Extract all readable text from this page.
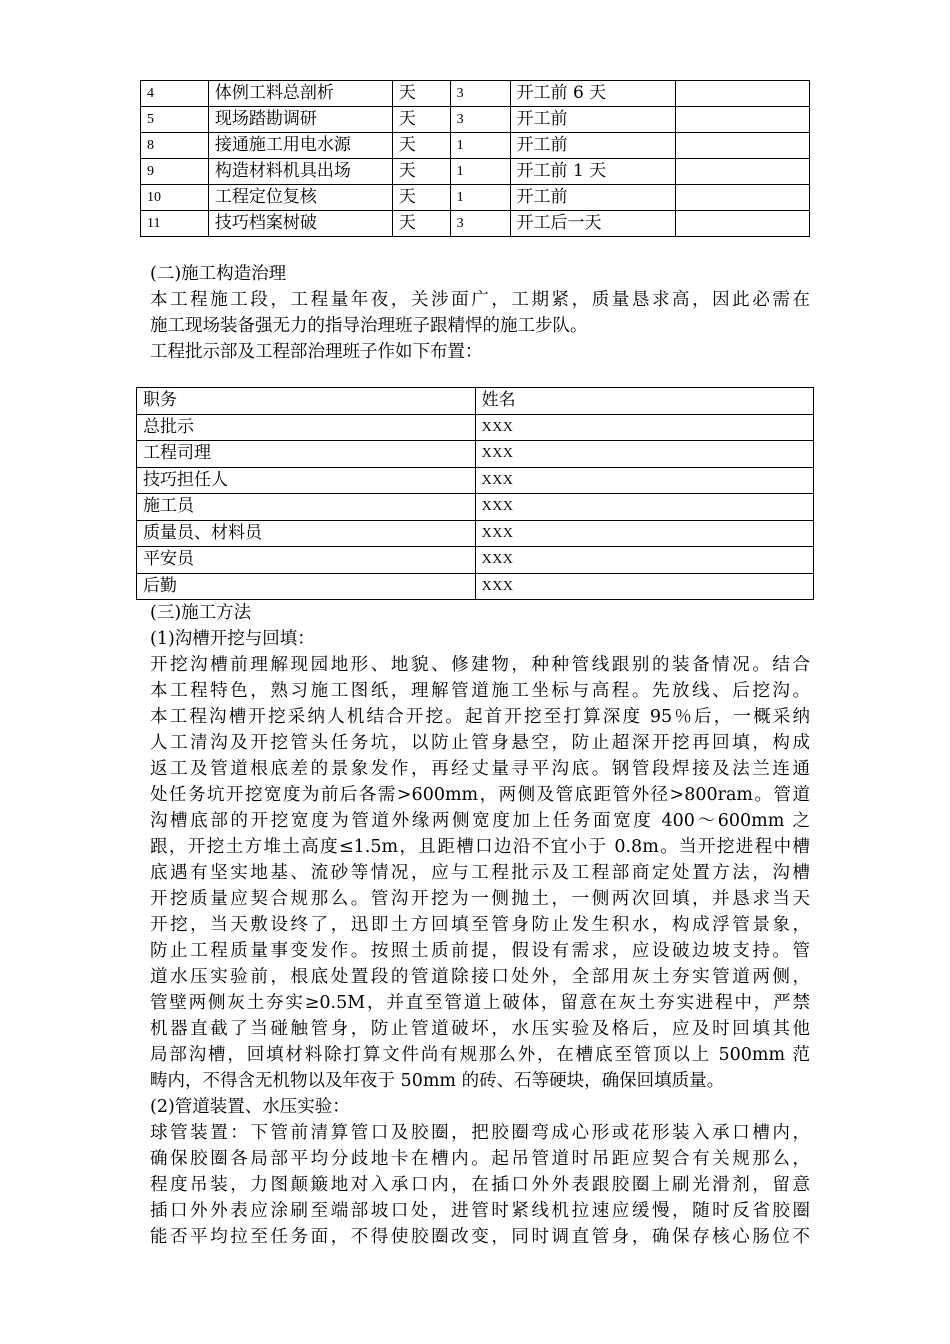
4	体例工料总剖析	天	3	开工前 6 天	
5	现场踏勘调研	天	3	开工前	
8	接通施工用电水源	天	1	开工前	
9	构造材料机具出场	天	1	开工前 1 天	
10	工程定位复核	天	1	开工前	
11	技巧档案树破	天	3	开工后一天	
(二)施工构造治理
本工程施工段，工程量年夜，关涉面广，工期紧，质量恳求高，因此必需在
施工现场装备强无力的指导治理班子跟精悍的施工步队。
工程批示部及工程部治理班子作如下布置：
职务	姓名
总批示	XXX
工程司理	XXX
技巧担任人	XXX
施工员	XXX
质量员、材料员	XXX
平安员	XXX
后勤	XXX
(三)施工方法
(1)沟槽开挖与回填：
开挖沟槽前理解现园地形、地貌、修建物，种种管线跟别的装备情况。结合
本工程特色，熟习施工图纸，理解管道施工坐标与高程。先放线、后挖沟。
本工程沟槽开挖采纳人机结合开挖。起首开挖至打算深度 95％后，一概采纳
人工清沟及开挖管头任务坑，以防止管身悬空，防止超深开挖再回填，构成
返工及管道根底差的景象发作，再经丈量寻平沟底。钢管段焊接及法兰连通
处任务坑开挖宽度为前后各需>600mm，两侧及管底距管外径>800ram。管道
沟槽底部的开挖宽度为管道外缘两侧宽度加上任务面宽度 400～600mm 之
跟，开挖土方堆土高度≤1.5m，且距槽口边沿不宜小于 0.8m。当开挖进程中槽
底遇有坚实地基、流砂等情况，应与工程批示及工程部商定处置方法，沟槽
开挖质量应契合规那么。管沟开挖为一侧抛土，一侧两次回填，并恳求当天
开挖，当天敷设终了，迅即土方回填至管身防止发生积水，构成浮管景象，
防止工程质量事变发作。按照土质前提，假设有需求，应设破边坡支持。管
道水压实验前，根底处置段的管道除接口处外，全部用灰土夯实管道两侧，
管壁两侧灰土夯实≥0.5M，并直至管道上破体，留意在灰土夯实进程中，严禁
机器直截了当碰触管身，防止管道破坏，水压实验及格后，应及时回填其他
局部沟槽，回填材料除打算文件尚有规那么外，在槽底至管顶以上 500mm 范
畴内，不得含无机物以及年夜于 50mm 的砖、石等硬块，确保回填质量。
(2)管道装置、水压实验：
球管装置：下管前清算管口及胶圈，把胶圈弯成心形或花形装入承口槽内，
确保胶圈各局部平均分歧地卡在槽内。起吊管道时吊距应契合有关规那么，
程度吊装，力图颠簸地对入承口内，在插口外外表跟胶圈上刷光滑剂，留意
插口外外表应涂刷至端部坡口处，进管时紧线机拉速应缓慢，随时反省胶圈
能否平均拉至任务面，不得使胶圈改变，同时调直管身，确保存核心肠位不
